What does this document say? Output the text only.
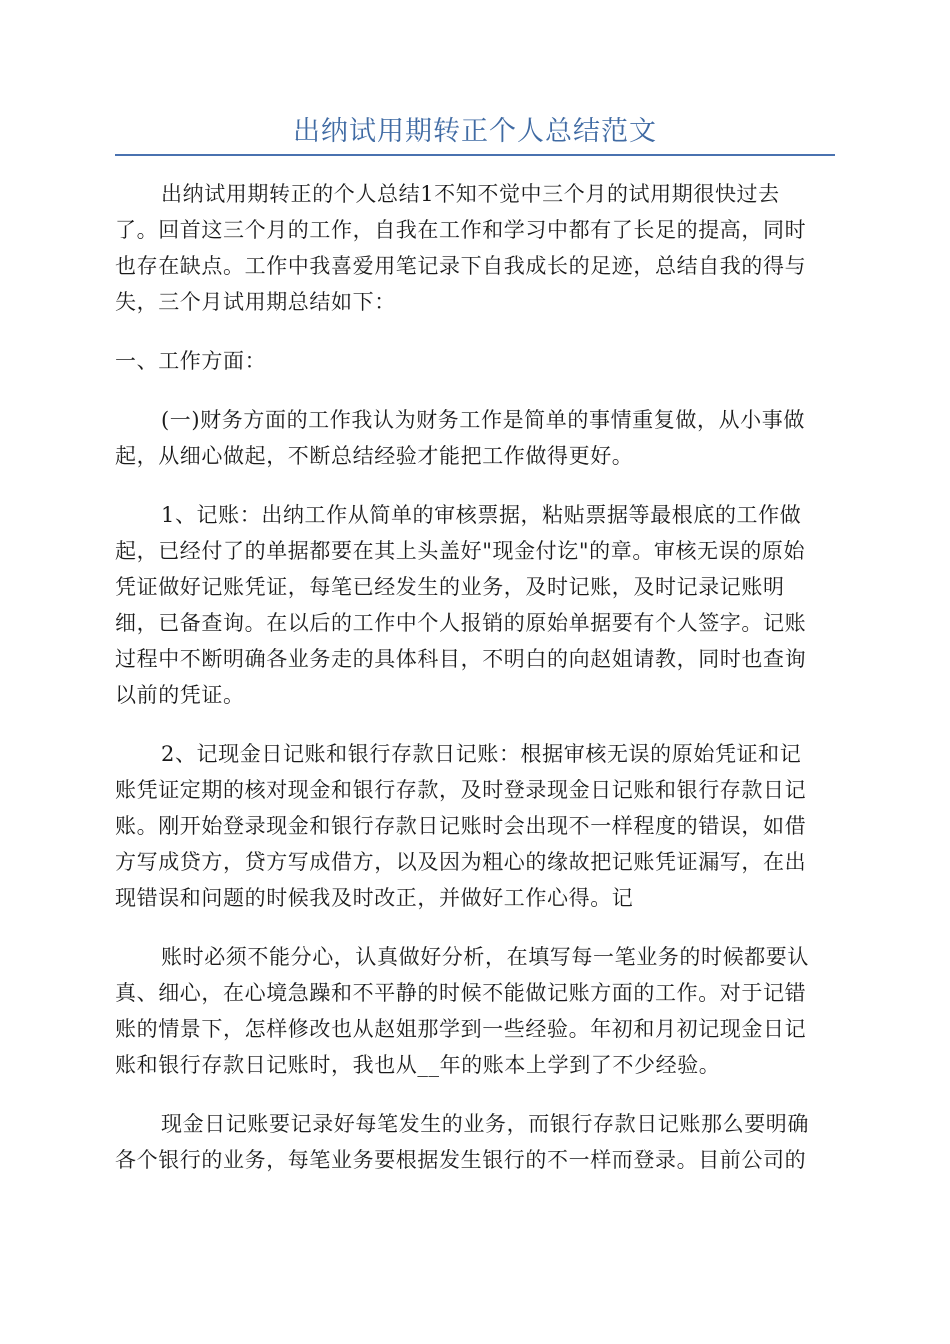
出纳试用期转正个人总结范文
出纳试用期转正的个人总结1不知不觉中三个月的试用期很快过去
了。回首这三个月的工作，自我在工作和学习中都有了长足的提高，同时
也存在缺点。工作中我喜爱用笔记录下自我成长的足迹，总结自我的得与
失，三个月试用期总结如下：
一、工作方面：
(一)财务方面的工作我认为财务工作是简单的事情重复做，从小事做
起，从细心做起，不断总结经验才能把工作做得更好。
1、记账：出纳工作从简单的审核票据，粘贴票据等最根底的工作做
起，已经付了的单据都要在其上头盖好"现金付讫"的章。审核无误的原始
凭证做好记账凭证，每笔已经发生的业务，及时记账，及时记录记账明
细，已备查询。在以后的工作中个人报销的原始单据要有个人签字。记账
过程中不断明确各业务走的具体科目，不明白的向赵姐请教，同时也查询
以前的凭证。
2、记现金日记账和银行存款日记账：根据审核无误的原始凭证和记
账凭证定期的核对现金和银行存款，及时登录现金日记账和银行存款日记
账。刚开始登录现金和银行存款日记账时会出现不一样程度的错误，如借
方写成贷方，贷方写成借方，以及因为粗心的缘故把记账凭证漏写，在出
现错误和问题的时候我及时改正，并做好工作心得。记
账时必须不能分心，认真做好分析，在填写每一笔业务的时候都要认
真、细心，在心境急躁和不平静的时候不能做记账方面的工作。对于记错
账的情景下，怎样修改也从赵姐那学到一些经验。年初和月初记现金日记
账和银行存款日记账时，我也从__年的账本上学到了不少经验。
现金日记账要记录好每笔发生的业务，而银行存款日记账那么要明确
各个银行的业务，每笔业务要根据发生银行的不一样而登录。目前公司的
